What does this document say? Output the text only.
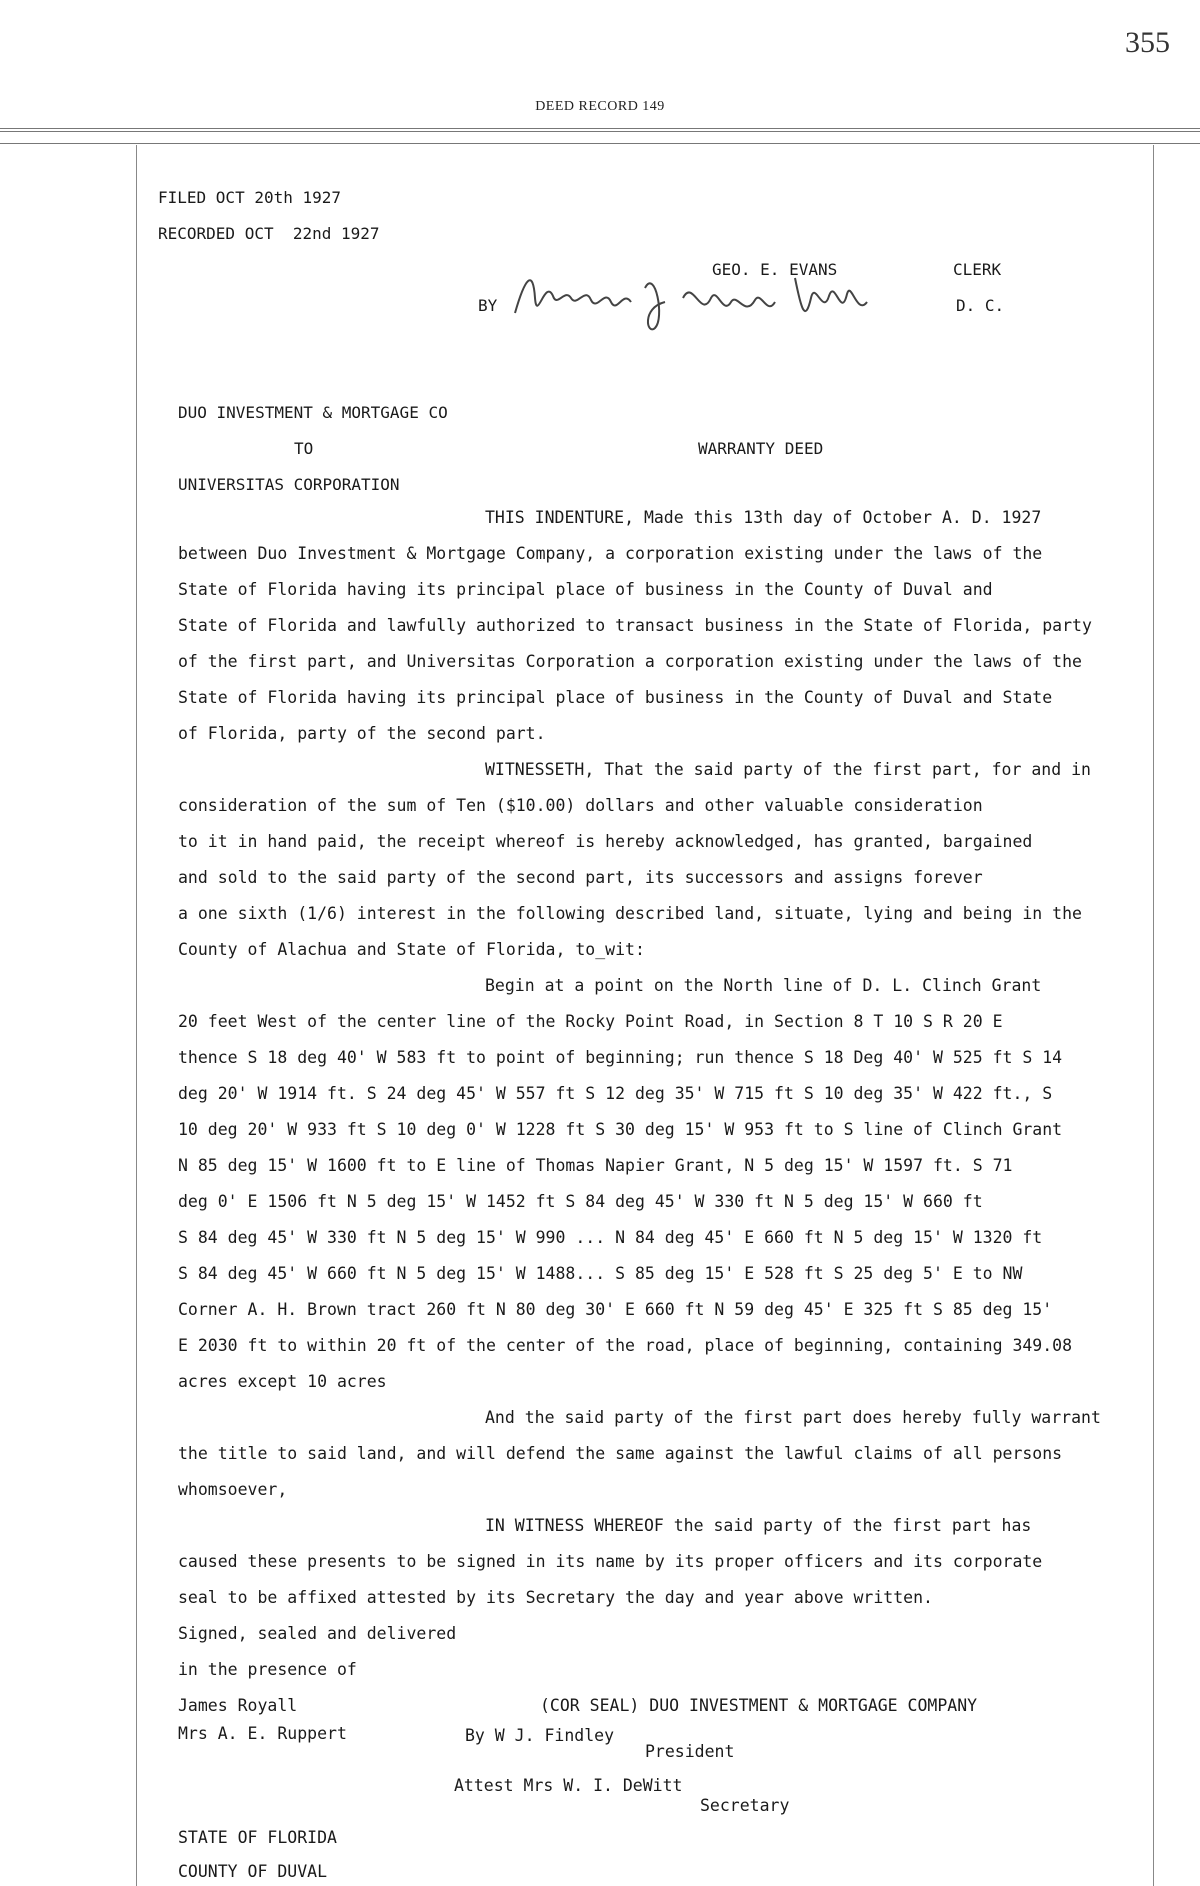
355
DEED RECORD 149
FILED OCT 20th 1927
RECORDED OCT  22nd 1927
GEO. E. EVANS	CLERK
BY	D. C.
DUO INVESTMENT & MORTGAGE CO
TO	WARRANTY DEED
UNIVERSITAS CORPORATION
THIS INDENTURE, Made this 13th day of October A. D. 1927
between Duo Investment & Mortgage Company, a corporation existing under the laws of the
State of Florida having its principal place of business in the County of Duval and
State of Florida and lawfully authorized to transact business in the State of Florida, party
of the first part, and Universitas Corporation a corporation existing under the laws of the
State of Florida having its principal place of business in the County of Duval and State
of Florida, party of the second part.
WITNESSETH, That the said party of the first part, for and in
consideration of the sum of Ten ($10.00) dollars and other valuable consideration
to it in hand paid, the receipt whereof is hereby acknowledged, has granted, bargained
and sold to the said party of the second part, its successors and assigns forever
a one sixth (1/6) interest in the following described land, situate, lying and being in the
County of Alachua and State of Florida, to_wit:
Begin at a point on the North line of D. L. Clinch Grant
20 feet West of the center line of the Rocky Point Road, in Section 8 T 10 S R 20 E
thence S 18 deg 40' W 583 ft to point of beginning; run thence S 18 Deg 40' W 525 ft S 14
deg 20' W 1914 ft. S 24 deg 45' W 557 ft S 12 deg 35' W 715 ft S 10 deg 35' W 422 ft., S
10 deg 20' W 933 ft S 10 deg 0' W 1228 ft S 30 deg 15' W 953 ft to S line of Clinch Grant
N 85 deg 15' W 1600 ft to E line of Thomas Napier Grant, N 5 deg 15' W 1597 ft. S 71
deg 0' E 1506 ft N 5 deg 15' W 1452 ft S 84 deg 45' W 330 ft N 5 deg 15' W 660 ft
S 84 deg 45' W 330 ft N 5 deg 15' W 990 ... N 84 deg 45' E 660 ft N 5 deg 15' W 1320 ft
S 84 deg 45' W 660 ft N 5 deg 15' W 1488... S 85 deg 15' E 528 ft S 25 deg 5' E to NW
Corner A. H. Brown tract 260 ft N 80 deg 30' E 660 ft N 59 deg 45' E 325 ft S 85 deg 15'
E 2030 ft to within 20 ft of the center of the road, place of beginning, containing 349.08
acres except 10 acres
And the said party of the first part does hereby fully warrant
the title to said land, and will defend the same against the lawful claims of all persons
whomsoever,
IN WITNESS WHEREOF the said party of the first part has
caused these presents to be signed in its name by its proper officers and its corporate
seal to be affixed attested by its Secretary the day and year above written.
Signed, sealed and delivered
in the presence of
James Royall	(COR SEAL) DUO INVESTMENT & MORTGAGE COMPANY
Mrs A. E. Ruppert	By W J. Findley
President
Attest Mrs W. I. DeWitt
Secretary
STATE OF FLORIDA
COUNTY OF DUVAL
